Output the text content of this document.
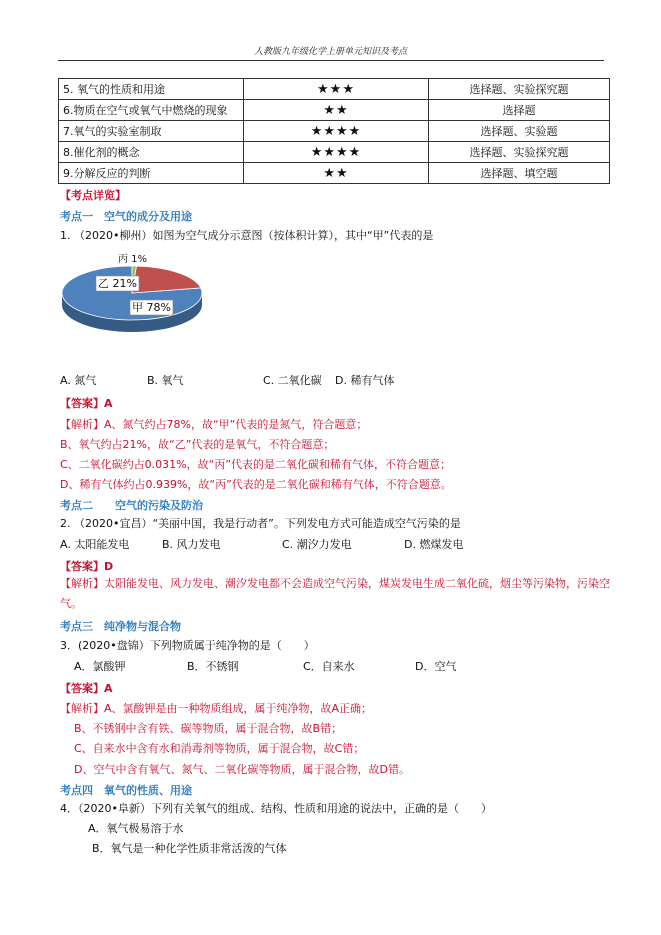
人教版九年级化学上册单元知识及考点
5. 氧气的性质和用途	★★★	选择题、实验探究题
6.物质在空气或氧气中燃烧的现象	★★	选择题
7.氧气的实验室制取	★★★★	选择题、实验题
8.催化剂的概念	★★★★	选择题、实验探究题
9.分解反应的判断	★★	选择题、填空题
【考点详览】
考点一　空气的成分及用途
1. （2020•柳州）如图为空气成分示意图（按体积计算），其中“甲”代表的是
甲 78%
乙 21%
丙 1%
A. 氮气	B. 氧气	C. 二氧化碳 D. 稀有气体
【答案】A
【解析】A、氮气约占78%，故“甲”代表的是氮气，符合题意；
B、氧气约占21%，故“乙”代表的是氧气，不符合题意；
C、二氧化碳约占0.031%，故“丙”代表的是二氧化碳和稀有气体，不符合题意；
D、稀有气体约占0.939%，故“丙”代表的是二氧化碳和稀有气体，不符合题意。
考点二　　空气的污染及防治
2. （2020•宜昌）“美丽中国，我是行动者”。下列发电方式可能造成空气污染的是
A. 太阳能发电	B. 风力发电	C. 潮汐力发电	D. 燃煤发电
【答案】D
【解析】太阳能发电、风力发电、潮汐发电都不会造成空气污染，煤炭发电生成二氧化硫，烟尘等污染物，污染空气。
考点三　纯净物与混合物
3．(2020•盘锦）下列物质属于纯净物的是（　　）
A．氯酸钾	B．不锈钢	C．自来水	D．空气
【答案】A
【解析】A、氯酸钾是由一种物质组成，属于纯净物，故A正确；
B、不锈钢中含有铁、碳等物质，属于混合物，故B错；
C、自来水中含有水和消毒剂等物质，属于混合物，故C错；
D、空气中含有氧气、氮气、二氧化碳等物质，属于混合物，故D错。
考点四　氧气的性质、用途
4．（2020•阜新）下列有关氧气的组成、结构、性质和用途的说法中，正确的是（　　）
A．氧气极易溶于水
B．氧气是一种化学性质非常活泼的气体
